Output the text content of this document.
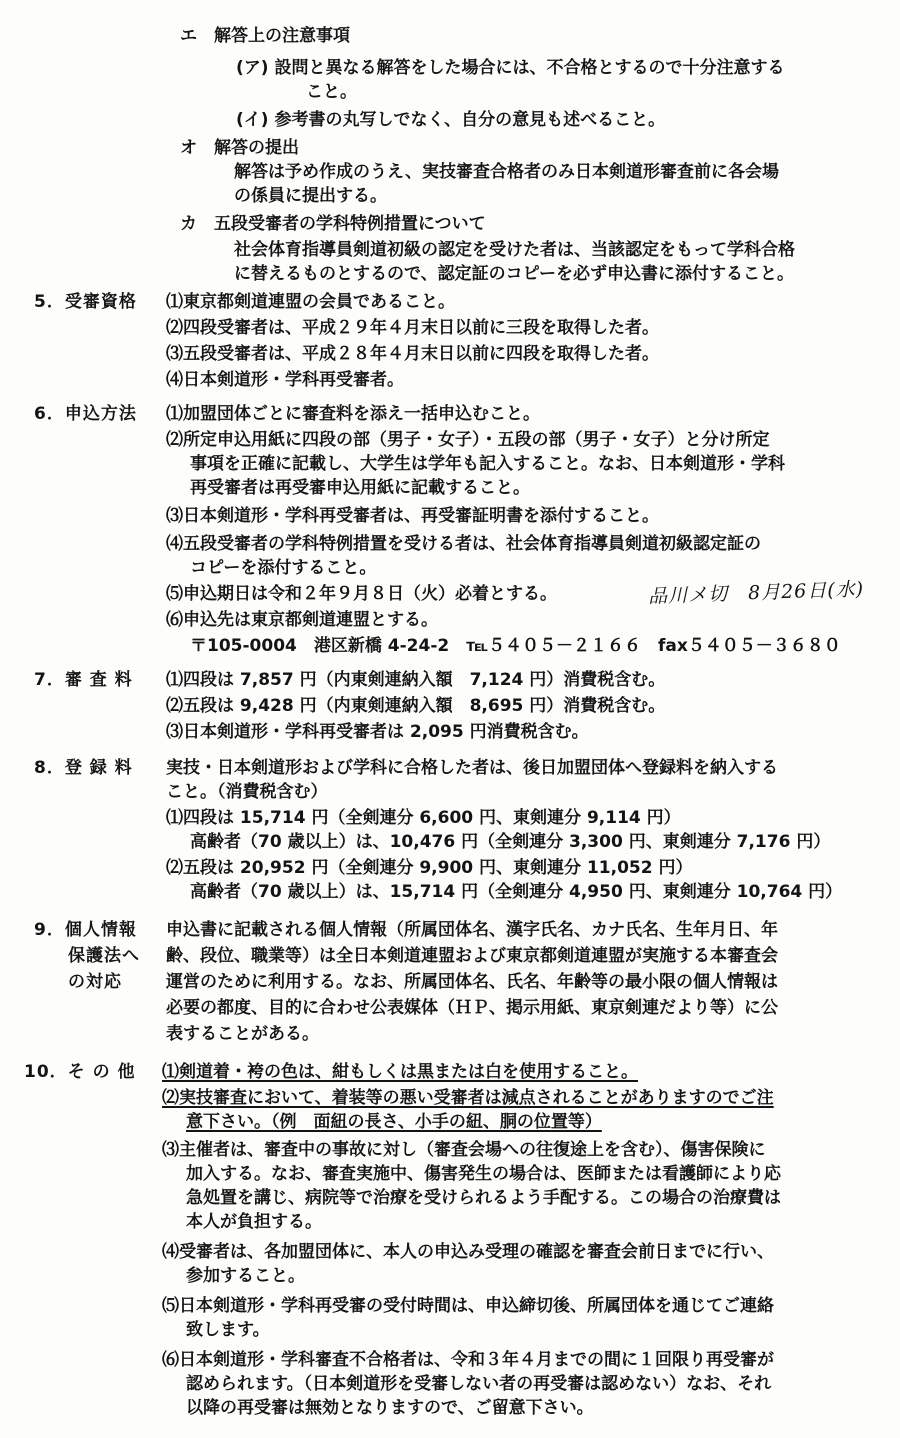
エ　解答上の注意事項
(ア) 設問と異なる解答をした場合には、不合格とするので十分注意する
こと。
(イ) 参考書の丸写しでなく、自分の意見も述べること。
オ　解答の提出
解答は予め作成のうえ、実技審査合格者のみ日本剣道形審査前に各会場
の係員に提出する。
カ　五段受審者の学科特例措置について
社会体育指導員剣道初級の認定を受けた者は、当該認定をもって学科合格
に替えるものとするので、認定証のコピーを必ず申込書に添付すること。
5．受審資格 ⑴東京都剣道連盟の会員であること。
⑵四段受審者は、平成２９年４月末日以前に三段を取得した者。
⑶五段受審者は、平成２８年４月末日以前に四段を取得した者。
⑷日本剣道形・学科再受審者。
6．申込方法 ⑴加盟団体ごとに審査料を添え一括申込むこと。
⑵所定申込用紙に四段の部（男子・女子）・五段の部（男子・女子）と分け所定
事項を正確に記載し、大学生は学年も記入すること。なお、日本剣道形・学科
再受審者は再受審申込用紙に記載すること。
⑶日本剣道形・学科再受審者は、再受審証明書を添付すること。
⑷五段受審者の学科特例措置を受ける者は、社会体育指導員剣道初級認定証の
コピーを添付すること。
⑸申込期日は令和２年９月８日（火）必着とする。
⑹申込先は東京都剣道連盟とする。
〒105-0004　港区新橋 4-24-2　℡５４０５－２１６６　fax５４０５－３６８０
7．審 査 料 ⑴四段は 7,857 円（内東剣連納入額　7,124 円）消費税含む。
⑵五段は 9,428 円（内東剣連納入額　8,695 円）消費税含む。
⑶日本剣道形・学科再受審者は 2,095 円消費税含む。
8．登 録 料 実技・日本剣道形および学科に合格した者は、後日加盟団体へ登録料を納入する
こと。（消費税含む）
⑴四段は 15,714 円（全剣連分 6,600 円、東剣連分 9,114 円）
高齢者（70 歳以上）は、10,476 円（全剣連分 3,300 円、東剣連分 7,176 円）
⑵五段は 20,952 円（全剣連分 9,900 円、東剣連分 11,052 円）
高齢者（70 歳以上）は、15,714 円（全剣連分 4,950 円、東剣連分 10,764 円）
9．個人情報
保護法へ
の対応
申込書に記載される個人情報（所属団体名、漢字氏名、カナ氏名、生年月日、年
齢、段位、職業等）は全日本剣道連盟および東京都剣道連盟が実施する本審査会
運営のために利用する。なお、所属団体名、氏名、年齢等の最小限の個人情報は
必要の都度、目的に合わせ公表媒体（ＨＰ、掲示用紙、東京剣連だより等）に公
表することがある。
10．そ の 他 ⑴剣道着・袴の色は、紺もしくは黒または白を使用すること。
⑵実技審査において、着装等の悪い受審者は減点されることがありますのでご注
意下さい。（例　面紐の長さ、小手の紐、胴の位置等）
⑶主催者は、審査中の事故に対し（審査会場への往復途上を含む）、傷害保険に
加入する。なお、審査実施中、傷害発生の場合は、医師または看護師により応
急処置を講じ、病院等で治療を受けられるよう手配する。この場合の治療費は
本人が負担する。
⑷受審者は、各加盟団体に、本人の申込み受理の確認を審査会前日までに行い、
参加すること。
⑸日本剣道形・学科再受審の受付時間は、申込締切後、所属団体を通じてご連絡
致します。
⑹日本剣道形・学科審査不合格者は、令和３年４月までの間に１回限り再受審が
認められます。（日本剣道形を受審しない者の再受審は認めない）なお、それ
以降の再受審は無効となりますので、ご留意下さい。
品川メ切　8月26日(水)
